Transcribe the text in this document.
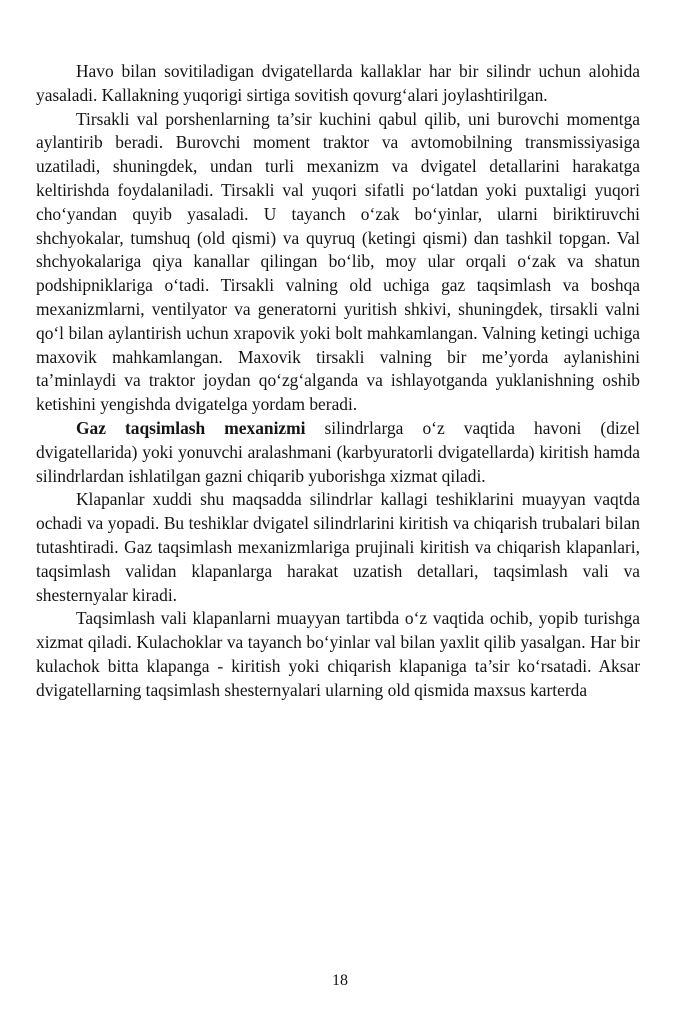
Havo bilan sovitiladigan dvigatellarda kallaklar har bir silindr uchun alohida yasaladi. Kallakning yuqorigi sirtiga sovitish qovurg‘alari joylashtirilgan.

Tirsakli val porshenlarning ta’sir kuchini qabul qilib, uni burovchi momentga aylantirib beradi. Burovchi moment traktor va avtomobilning transmissiyasiga uzatiladi, shuningdek, undan turli mexanizm va dvigatel detallarini harakatga keltirishda foydalaniladi. Tirsakli val yuqori sifatli po‘latdan yoki puxtaligi yuqori cho‘yandan quyib yasaladi. U tayanch o‘zak bo‘yinlar, ularni biriktiruvchi shchyokalar, tumshuq (old qismi) va quyruq (ketingi qismi) dan tashkil topgan. Val shchyokalariga qiya kanallar qilingan bo‘lib, moy ular orqali o‘zak va shatun podshipniklariga o‘tadi. Tirsakli valning old uchiga gaz taqsimlash va boshqa mexanizmlarni, ventilyator va generatorni yuritish shkivi, shuningdek, tirsakli valni qo‘l bilan aylantirish uchun xrapovik yoki bolt mahkamlangan. Valning ketingi uchiga maxovik mahkamlangan. Maxovik tirsakli valning bir me’yorda aylanishini ta’minlaydi va traktor joydan qo‘zg‘alganda va ishlayotganda yuklanishning oshib ketishini yengishda dvigatelga yordam beradi.

Gaz taqsimlash mexanizmi silindrlarga o‘z vaqtida havoni (dizel dvigatellarida) yoki yonuvchi aralashmani (karbyuratorli dvigatellarda) kiritish hamda silindrlardan ishlatilgan gazni chiqarib yuborishga xizmat qiladi.

Klapanlar xuddi shu maqsadda silindrlar kallagi teshiklarini muayyan vaqtda ochadi va yopadi. Bu teshiklar dvigatel silindrlarini kiritish va chiqarish trubalari bilan tutashtiradi. Gaz taqsimlash mexanizmlariga prujinali kiritish va chiqarish klapanlari, taqsimlash validan klapanlarga harakat uzatish detallari, taqsimlash vali va shesternyalar kiradi.

Taqsimlash vali klapanlarni muayyan tartibda o‘z vaqtida ochib, yopib turishga xizmat qiladi. Kulachoklar va tayanch bo‘yinlar val bilan yaxlit qilib yasalgan. Har bir kulachok bitta klapanga - kiritish yoki chiqarish klapaniga ta’sir ko‘rsatadi. Aksar dvigatellarning taqsimlash shesternyalari ularning old qismida maxsus karterda

18
